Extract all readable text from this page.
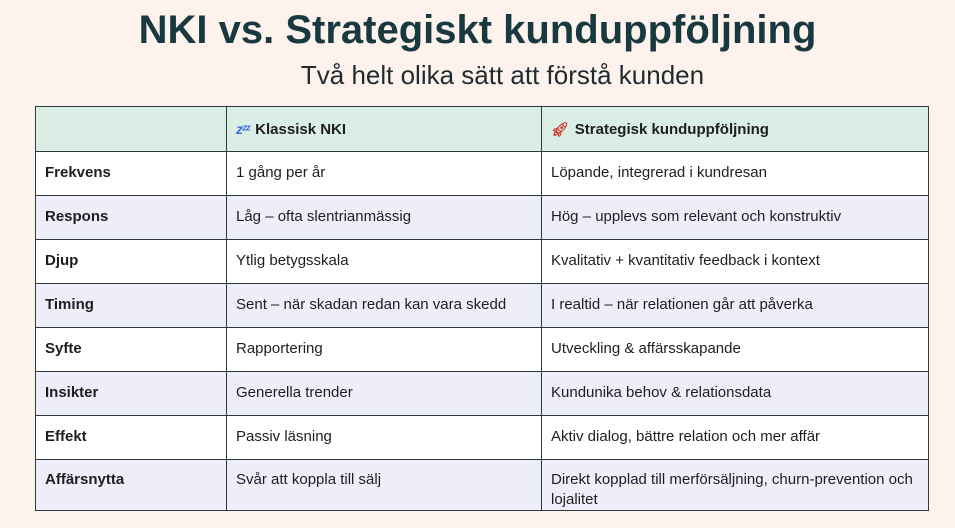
NKI vs. Strategiskt kunduppföljning
Två helt olika sätt att förstå kunden
	zᶻᶻ Klassisk NKI	🚀︎ Strategisk kunduppföljning
Frekvens	1 gång per år	Löpande, integrerad i kundresan
Respons	Låg – ofta slentrianmässig	Hög – upplevs som relevant och konstruktiv
Djup	Ytlig betygsskala	Kvalitativ + kvantitativ feedback i kontext
Timing	Sent – när skadan redan kan vara skedd	I realtid – när relationen går att påverka
Syfte	Rapportering	Utveckling & affärsskapande
Insikter	Generella trender	Kundunika behov & relationsdata
Effekt	Passiv läsning	Aktiv dialog, bättre relation och mer affär
Affärsnytta	Svår att koppla till sälj	Direkt kopplad till merförsäljning, churn-prevention och lojalitet
